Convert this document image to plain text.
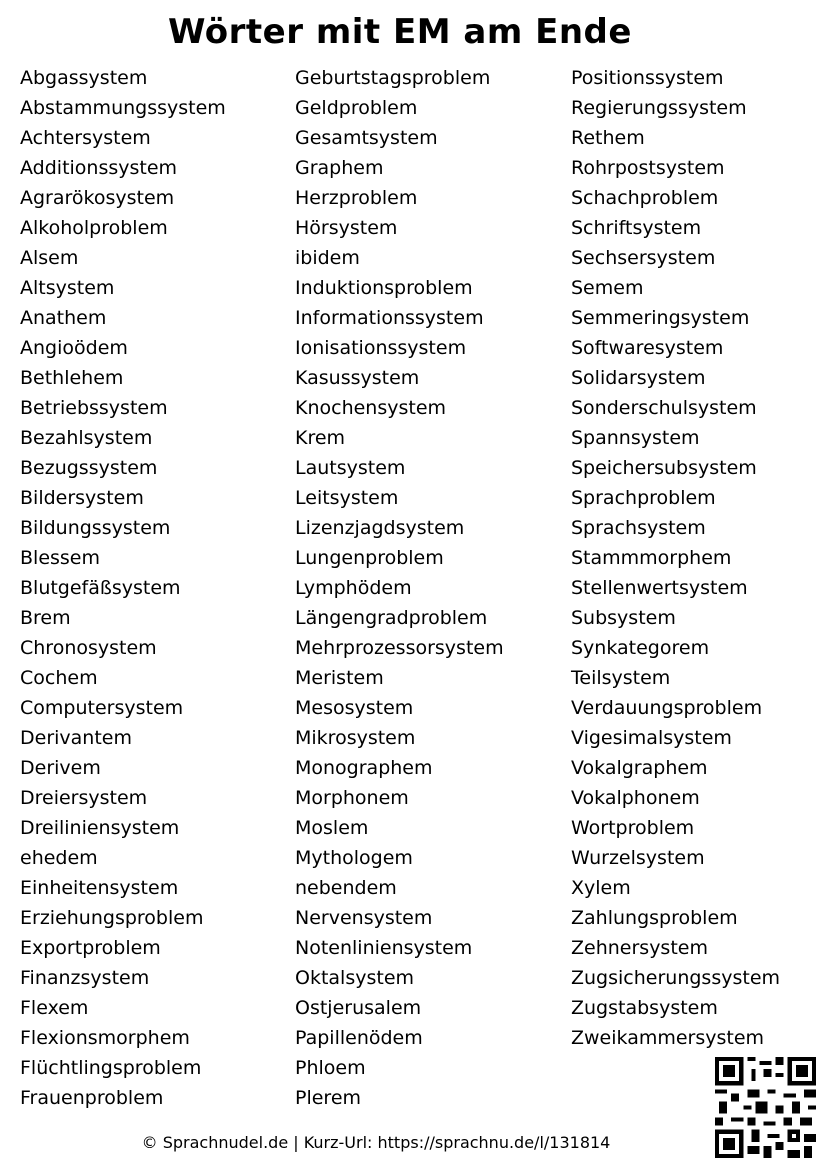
Wörter mit EM am Ende
Abgassystem
Abstammungssystem
Achtersystem
Additionssystem
Agrarökosystem
Alkoholproblem
Alsem
Altsystem
Anathem
Angioödem
Bethlehem
Betriebssystem
Bezahlsystem
Bezugssystem
Bildersystem
Bildungssystem
Blessem
Blutgefäßsystem
Brem
Chronosystem
Cochem
Computersystem
Derivantem
Derivem
Dreiersystem
Dreiliniensystem
ehedem
Einheitensystem
Erziehungsproblem
Exportproblem
Finanzsystem
Flexem
Flexionsmorphem
Flüchtlingsproblem
Frauenproblem
Geburtstagsproblem
Geldproblem
Gesamtsystem
Graphem
Herzproblem
Hörsystem
ibidem
Induktionsproblem
Informationssystem
Ionisationssystem
Kasussystem
Knochensystem
Krem
Lautsystem
Leitsystem
Lizenzjagdsystem
Lungenproblem
Lymphödem
Längengradproblem
Mehrprozessorsystem
Meristem
Mesosystem
Mikrosystem
Monographem
Morphonem
Moslem
Mythologem
nebendem
Nervensystem
Notenliniensystem
Oktalsystem
Ostjerusalem
Papillenödem
Phloem
Plerem
Positionssystem
Regierungssystem
Rethem
Rohrpostsystem
Schachproblem
Schriftsystem
Sechsersystem
Semem
Semmeringsystem
Softwaresystem
Solidarsystem
Sonderschulsystem
Spannsystem
Speichersubsystem
Sprachproblem
Sprachsystem
Stammmorphem
Stellenwertsystem
Subsystem
Synkategorem
Teilsystem
Verdauungsproblem
Vigesimalsystem
Vokalgraphem
Vokalphonem
Wortproblem
Wurzelsystem
Xylem
Zahlungsproblem
Zehnersystem
Zugsicherungssystem
Zugstabsystem
Zweikammersystem
© Sprachnudel.de | Kurz-Url: https://sprachnu.de/l/131814
